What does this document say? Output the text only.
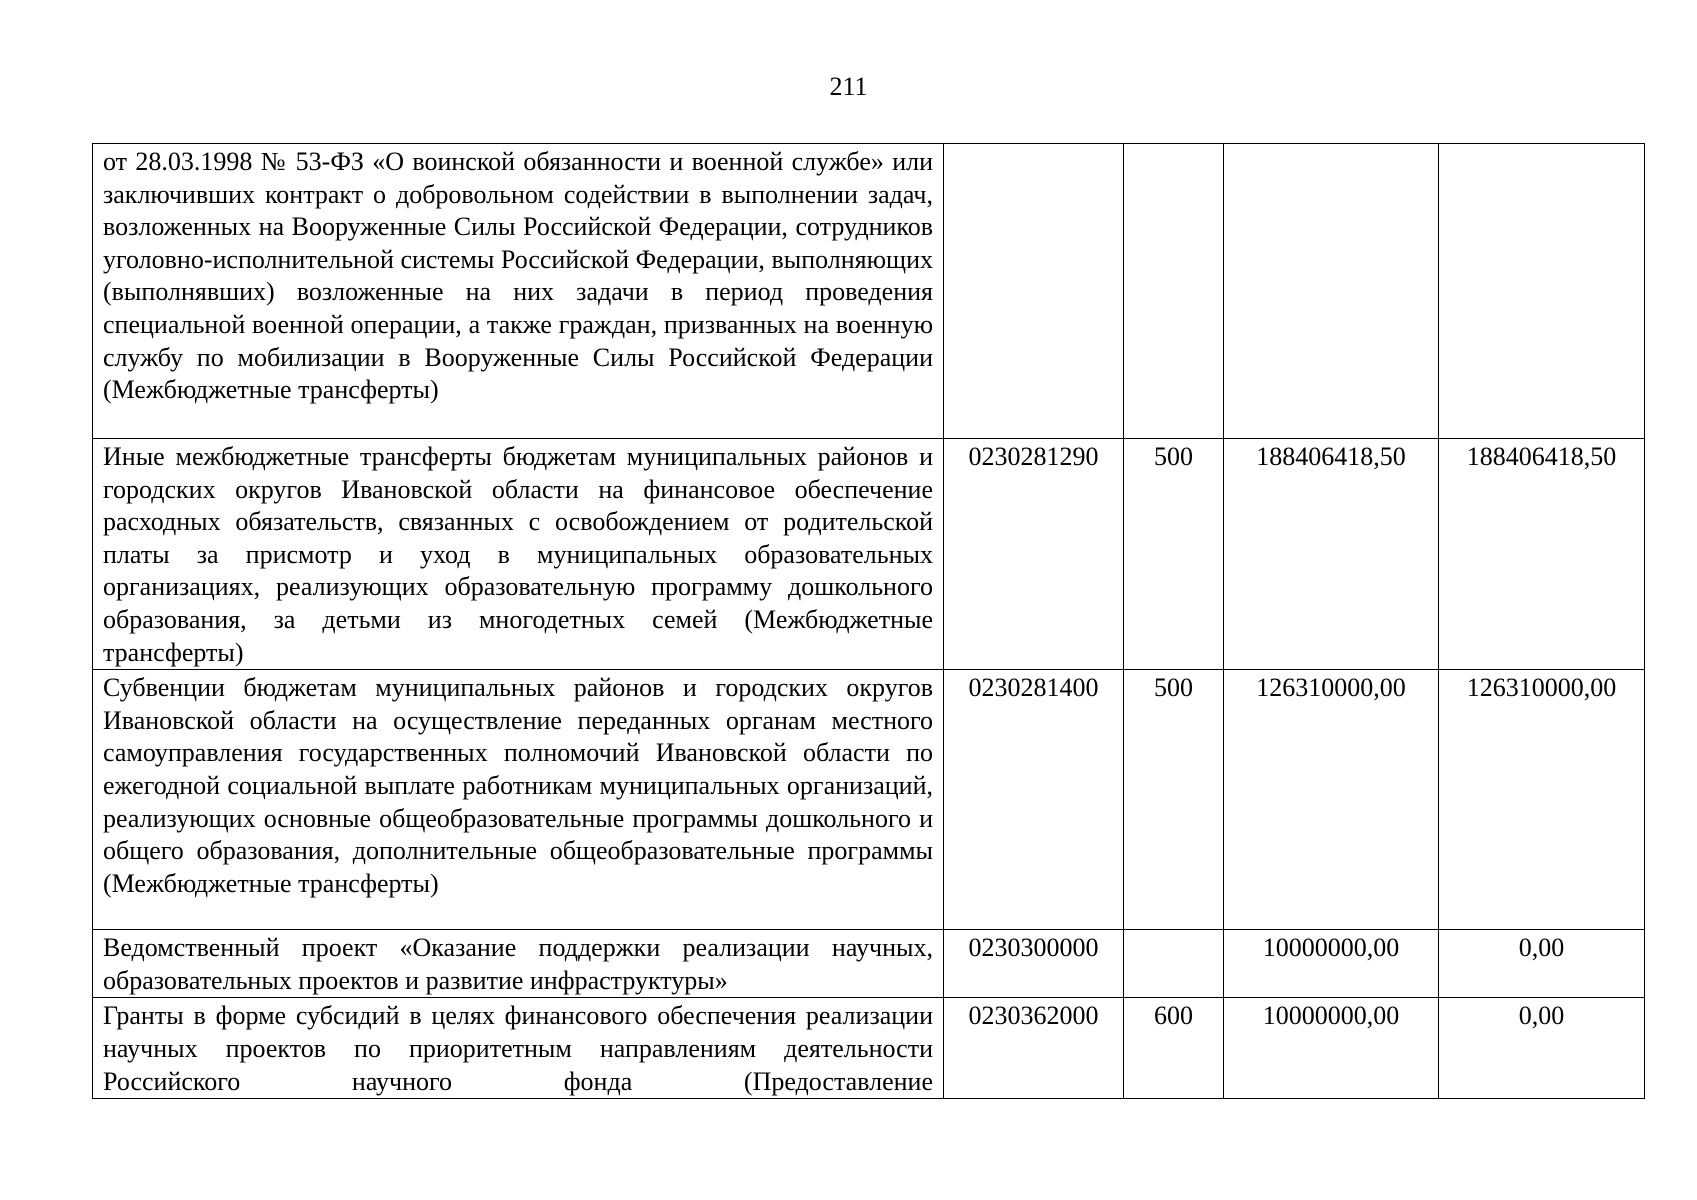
211
от 28.03.1998 № 53-ФЗ «О воинской обязанности и военной службе» или заключивших контракт о добровольном содействии в выполнении задач, возложенных на Вооруженные Силы Российской Федерации, сотрудников уголовно-исполнительной системы Российской Федерации, выполняющих (выполнявших) возложенные на них задачи в период проведения специальной военной операции, а также граждан, призванных на военную службу по мобилизации в Вооруженные Силы Российской Федерации (Межбюджетные трансферты)				
Иные межбюджетные трансферты бюджетам муниципальных районов и городских округов Ивановской области на финансовое обеспечение расходных обязательств, связанных с освобождением от родительской платы за присмотр и уход в муниципальных образовательных организациях, реализующих образовательную программу дошкольного образования, за детьми из многодетных семей (Межбюджетные трансферты)	0230281290	500	188406418,50	188406418,50
Субвенции бюджетам муниципальных районов и городских округов Ивановской области на осуществление переданных органам местного самоуправления государственных полномочий Ивановской области по ежегодной социальной выплате работникам муниципальных организаций, реализующих основные общеобразовательные программы дошкольного и общего образования, дополнительные общеобразовательные программы (Межбюджетные трансферты)	0230281400	500	126310000,00	126310000,00
Ведомственный проект «Оказание поддержки реализации научных, образовательных проектов и развитие инфраструктуры»	0230300000		10000000,00	0,00

Гранты в форме субсидий в целях финансового обеспечения реализации научных проектов по приоритетным направлениям деятельности Российского научного фонда (Предоставление	0230362000	600	10000000,00	0,00
